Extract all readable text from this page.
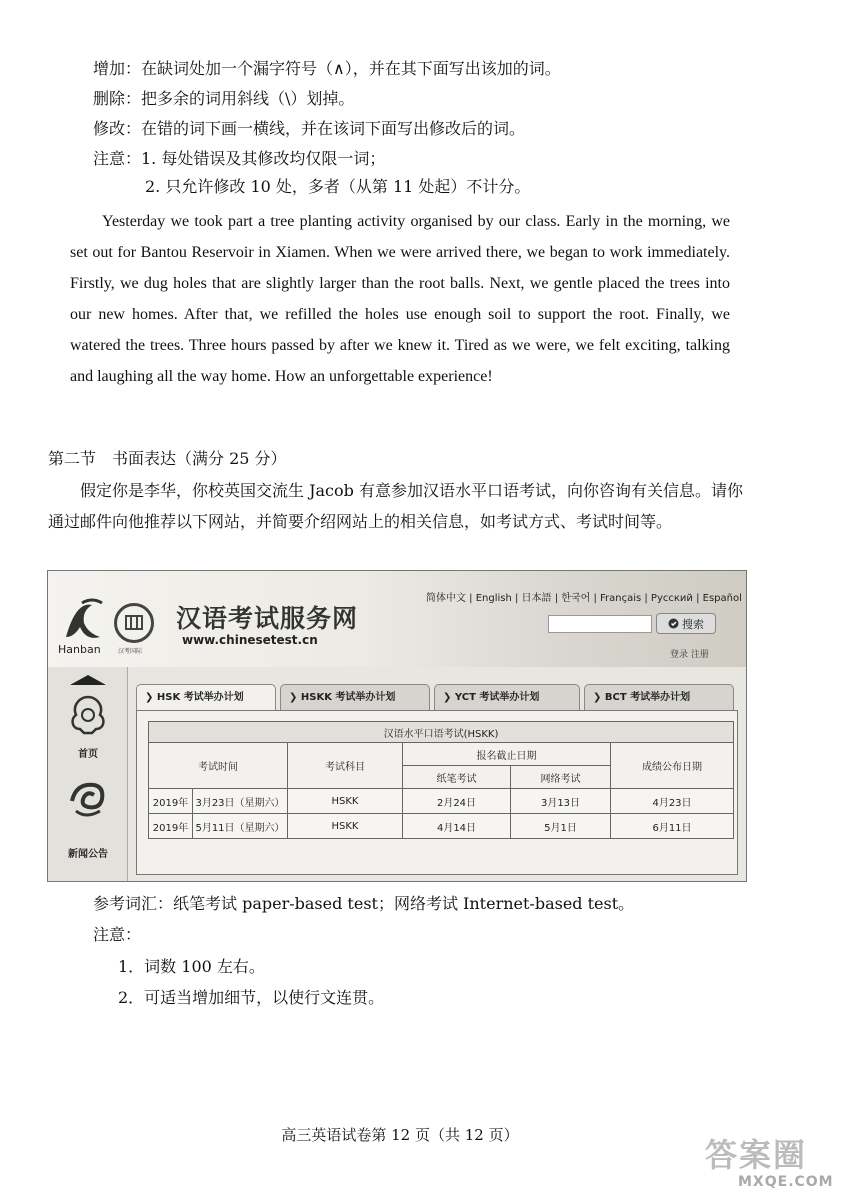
增加：在缺词处加一个漏字符号（∧），并在其下面写出该加的词。
删除：把多余的词用斜线（\）划掉。
修改：在错的词下画一横线，并在该词下面写出修改后的词。
注意：1. 每处错误及其修改均仅限一词；
2. 只允许修改 10 处，多者（从第 11 处起）不计分。

Yesterday we took part a tree planting activity organised by our class. Early in the morning, we set out for Bantou Reservoir in Xiamen. When we were arrived there, we began to work immediately. Firstly, we dug holes that are slightly larger than the root balls. Next, we gentle placed the trees into our new homes. After that, we refilled the holes use enough soil to support the root. Finally, we watered the trees. Three hours passed by after we knew it. Tired as we were, we felt exciting, talking and laughing all the way home. How an unforgettable experience!

第二节　书面表达（满分 25 分）

假定你是李华，你校英国交流生 Jacob 有意参加汉语水平口语考试，向你咨询有关信息。请你通过邮件向他推荐以下网站，并简要介绍网站上的相关信息，如考试方式、考试时间等。

Hanban	汉考国际
汉语考试服务网
www.chinesetest.cn
简体中文 | English | 日本語 | 한국어 | Français | Русский | Español
搜索
登录 注册
首页
新闻公告
❯ HSK 考试举办计划	❯ HSKK 考试举办计划	❯ YCT 考试举办计划	❯ BCT 考试举办计划
汉语水平口语考试(HSKK)					
考试时间		考试科目	报名截止日期		成绩公布日期
			纸笔考试	网络考试	
2019年	3月23日（星期六）	HSKK	2月24日	3月13日	4月23日
2019年	5月11日（星期六）	HSKK	4月14日	5月1日	6月11日
参考词汇：纸笔考试 paper-based test；网络考试 Internet-based test。
注意：
1．词数 100 左右。
2．可适当增加细节，以使行文连贯。
高三英语试卷第 12 页（共 12 页）
答案圈
MXQE.COM
